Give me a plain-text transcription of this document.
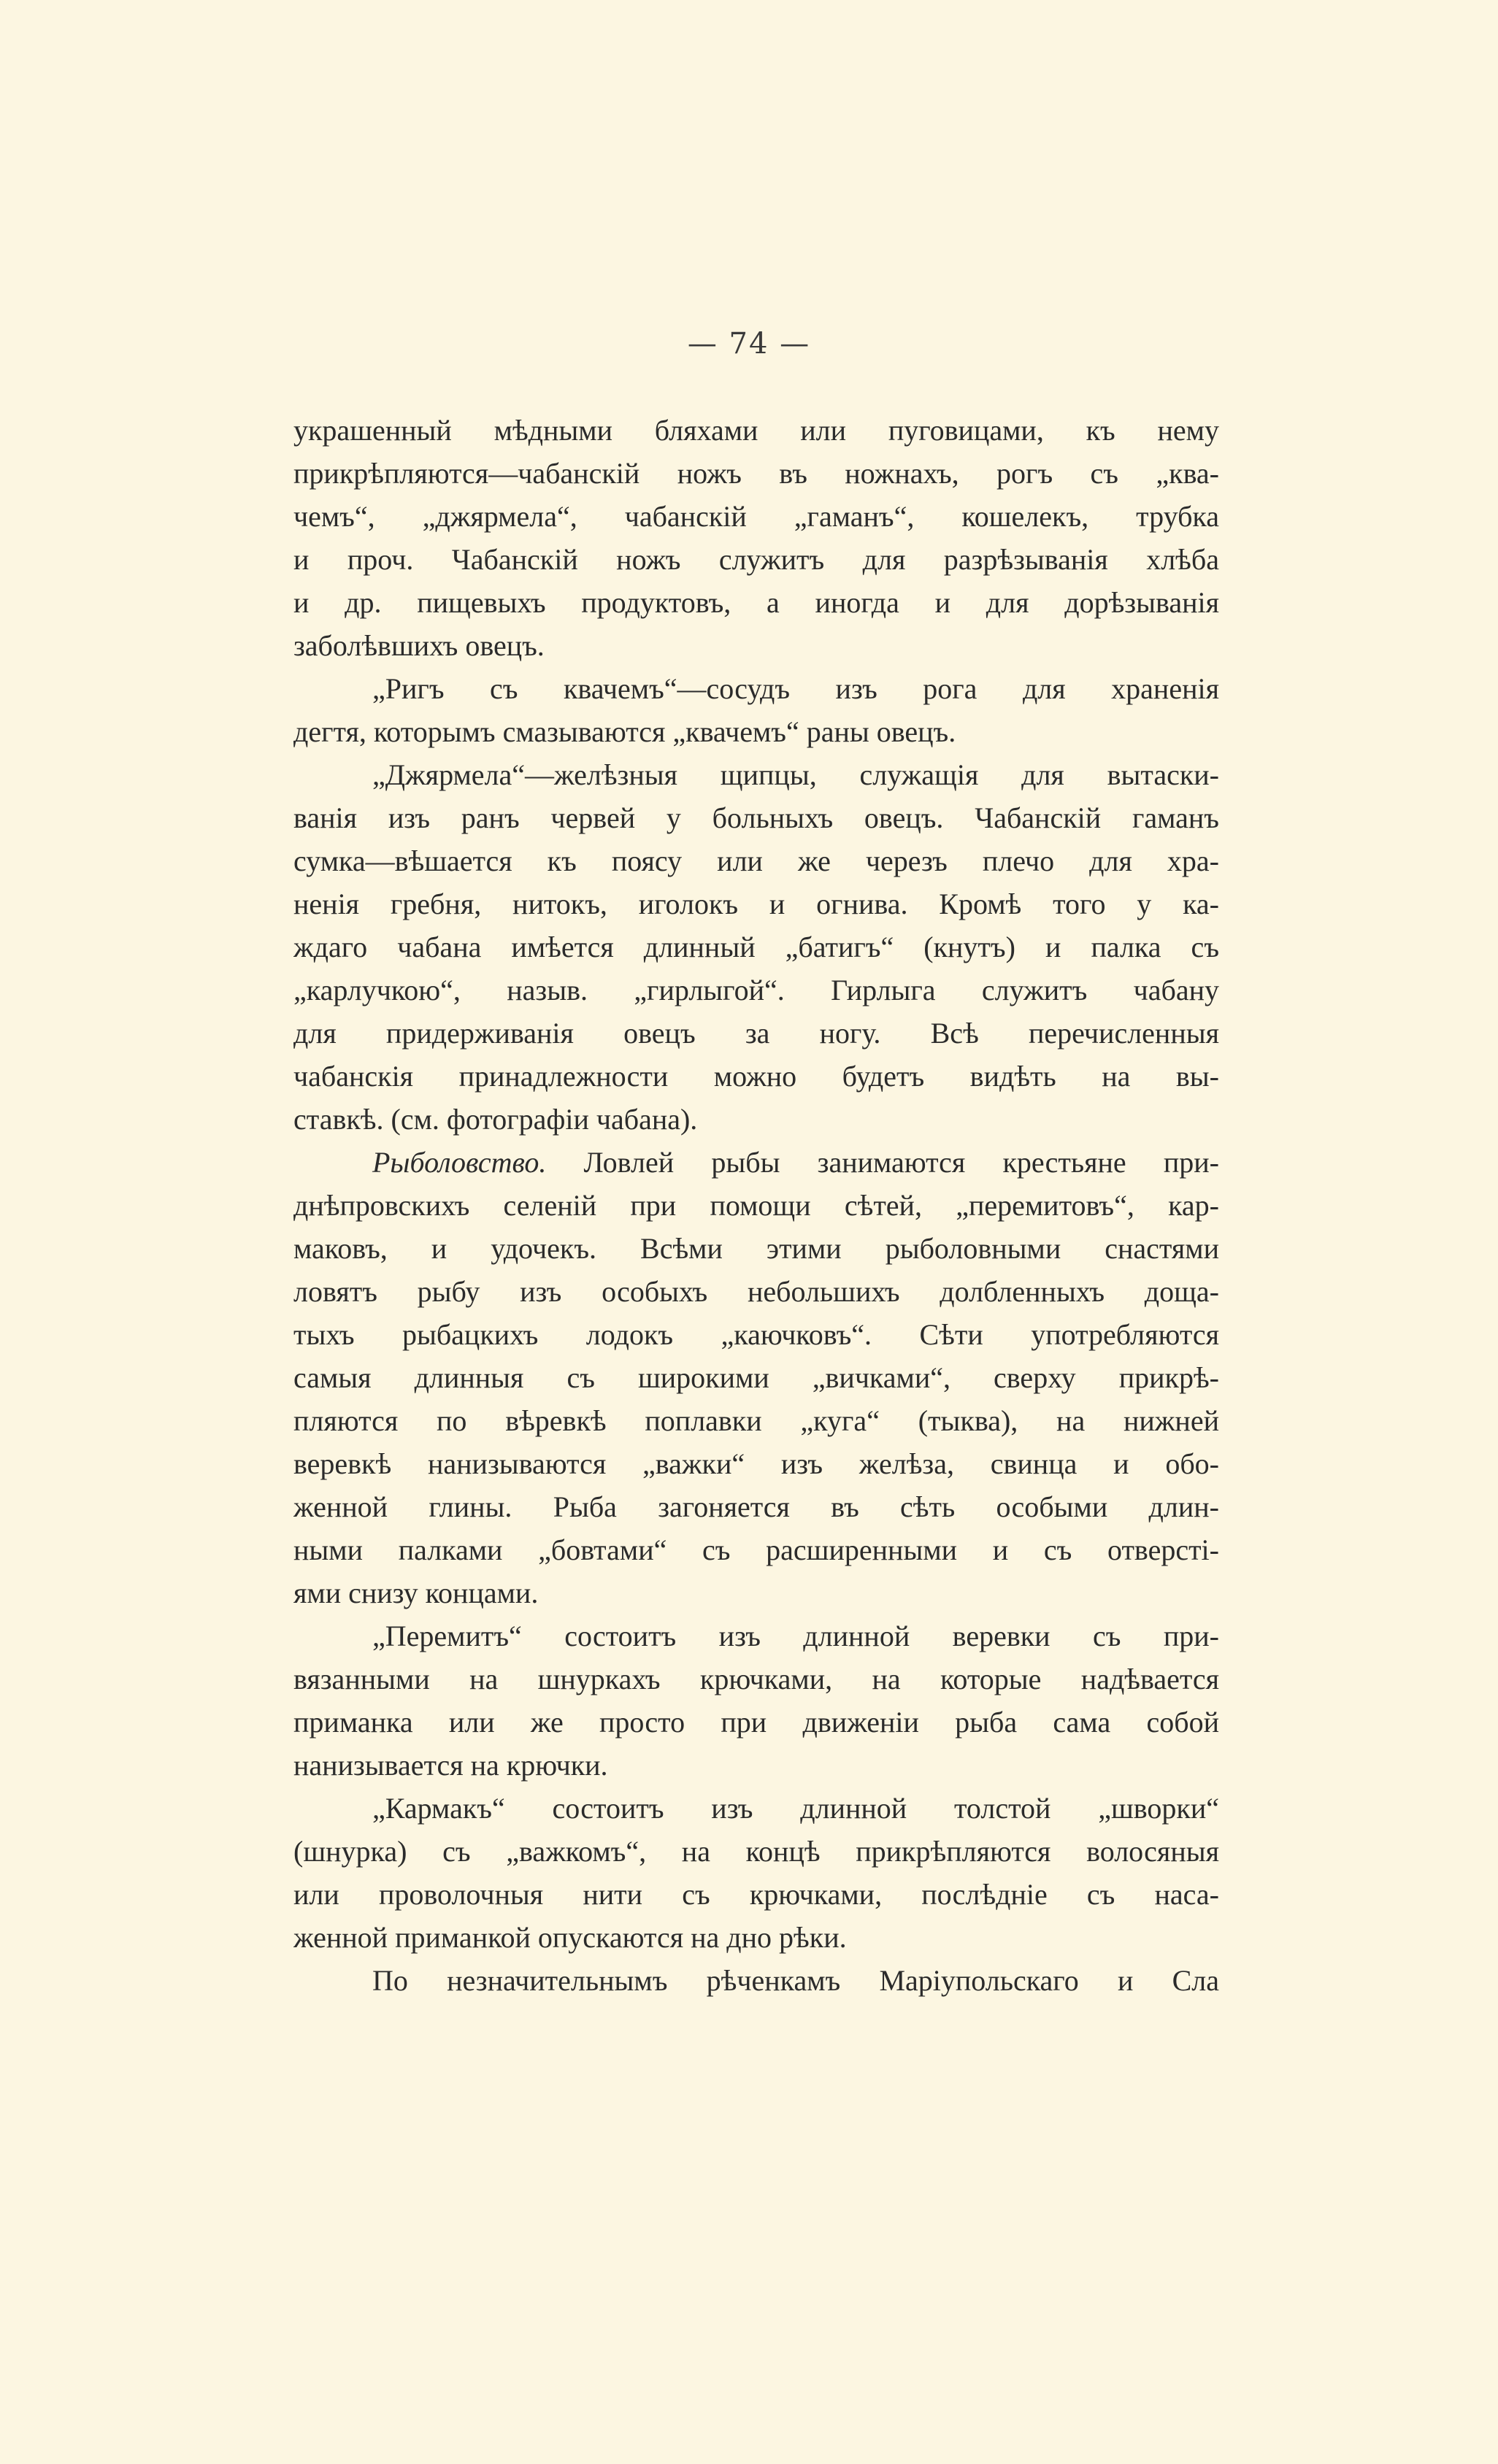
— 74 —
украшенный мѣдными бляхами или пуговицами, къ нему
прикрѣпляются—чабанскій ножъ въ ножнахъ, рогъ съ „ква-
чемъ“, „джярмела“, чабанскій „гаманъ“, кошелекъ, трубка
и проч. Чабанскій ножъ служитъ для разрѣзыванія хлѣба
и др. пищевыхъ продуктовъ, а иногда и для дорѣзыванія
заболѣвшихъ овецъ.
„Ригъ съ квачемъ“—сосудъ изъ рога для храненія
дегтя, которымъ смазываются „квачемъ“ раны овецъ.
„Джярмела“—желѣзныя щипцы, служащія для вытаски-
ванія изъ ранъ червей у больныхъ овецъ. Чабанскій гаманъ
сумка—вѣшается къ поясу или же черезъ плечо для хра-
ненія гребня, нитокъ, иголокъ и огнива. Кромѣ того у ка-
ждаго чабана имѣется длинный „батигъ“ (кнутъ) и палка съ
„карлучкою“, назыв. „гирлыгой“. Гирлыга служитъ чабану
для придерживанія овецъ за ногу. Всѣ перечисленныя
чабанскія принадлежности можно будетъ видѣть на вы-
ставкѣ. (см. фотографіи чабана).
Рыболовство. Ловлей рыбы занимаются крестьяне при-
днѣпровскихъ селеній при помощи сѣтей, „перемитовъ“, кар-
маковъ, и удочекъ. Всѣми этими рыболовными снастями
ловятъ рыбу изъ особыхъ небольшихъ долбленныхъ доща-
тыхъ рыбацкихъ лодокъ „каючковъ“. Сѣти употребляются
самыя длинныя съ широкими „вичками“, сверху прикрѣ-
пляются по вѣревкѣ поплавки „куга“ (тыква), на нижней
веревкѣ нанизываются „важки“ изъ желѣза, свинца и обо-
женной глины. Рыба загоняется въ сѣть особыми длин-
ными палками „бовтами“ съ расширенными и съ отверсті-
ями снизу концами.
„Перемитъ“ состоитъ изъ длинной веревки съ при-
вязанными на шнуркахъ крючками, на которые надѣвается
приманка или же просто при движеніи рыба сама собой
нанизывается на крючки.
„Кармакъ“ состоитъ изъ длинной толстой „шворки“
(шнурка) съ „важкомъ“, на концѣ прикрѣпляются волосяныя
или проволочныя нити съ крючками, послѣдніе съ наса-
женной приманкой опускаются на дно рѣки.
По незначительнымъ рѣченкамъ Маріупольскаго и Сла
